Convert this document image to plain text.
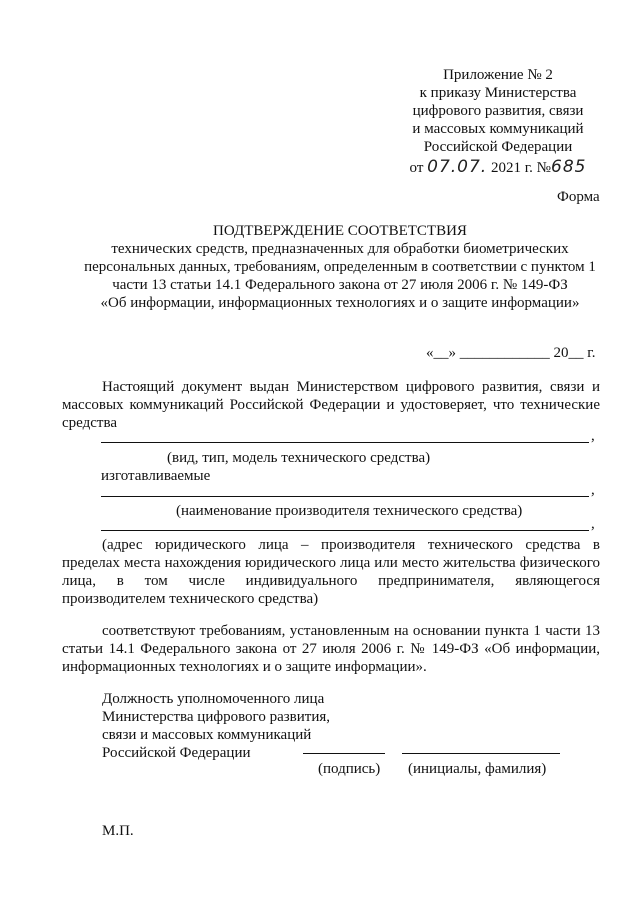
Приложение № 2
к приказу Министерства
цифрового развития, связи
и массовых коммуникаций
Российской Федерации
от 07.07. 2021 г. №685
Форма
ПОДТВЕРЖДЕНИЕ СООТВЕТСТВИЯ
технических средств, предназначенных для обработки биометрических
персональных данных, требованиям, определенным в соответствии с пунктом 1
части 13 статьи 14.1 Федерального закона от 27 июля 2006 г. № 149-ФЗ
«Об информации, информационных технологиях и о защите информации»
«__» ____________ 20__ г.
Настоящий документ выдан Министерством цифрового развития, связи и массовых коммуникаций Российской Федерации и удостоверяет, что технические средства
,
(вид, тип, модель технического средства)
изготавливаемые
,
(наименование производителя технического средства)
,
(адрес юридического лица – производителя технического средства в пределах места нахождения юридического лица или место жительства физического лица, в том числе индивидуального предпринимателя, являющегося производителем технического средства)
соответствуют требованиям, установленным на основании пункта 1 части 13 статьи 14.1 Федерального закона от 27 июля 2006 г. № 149-ФЗ «Об информации, информационных технологиях и о защите информации».
Должность уполномоченного лица
Министерства цифрового развития,
связи и массовых коммуникаций
Российской Федерации
(подпись) (инициалы, фамилия)
М.П.
